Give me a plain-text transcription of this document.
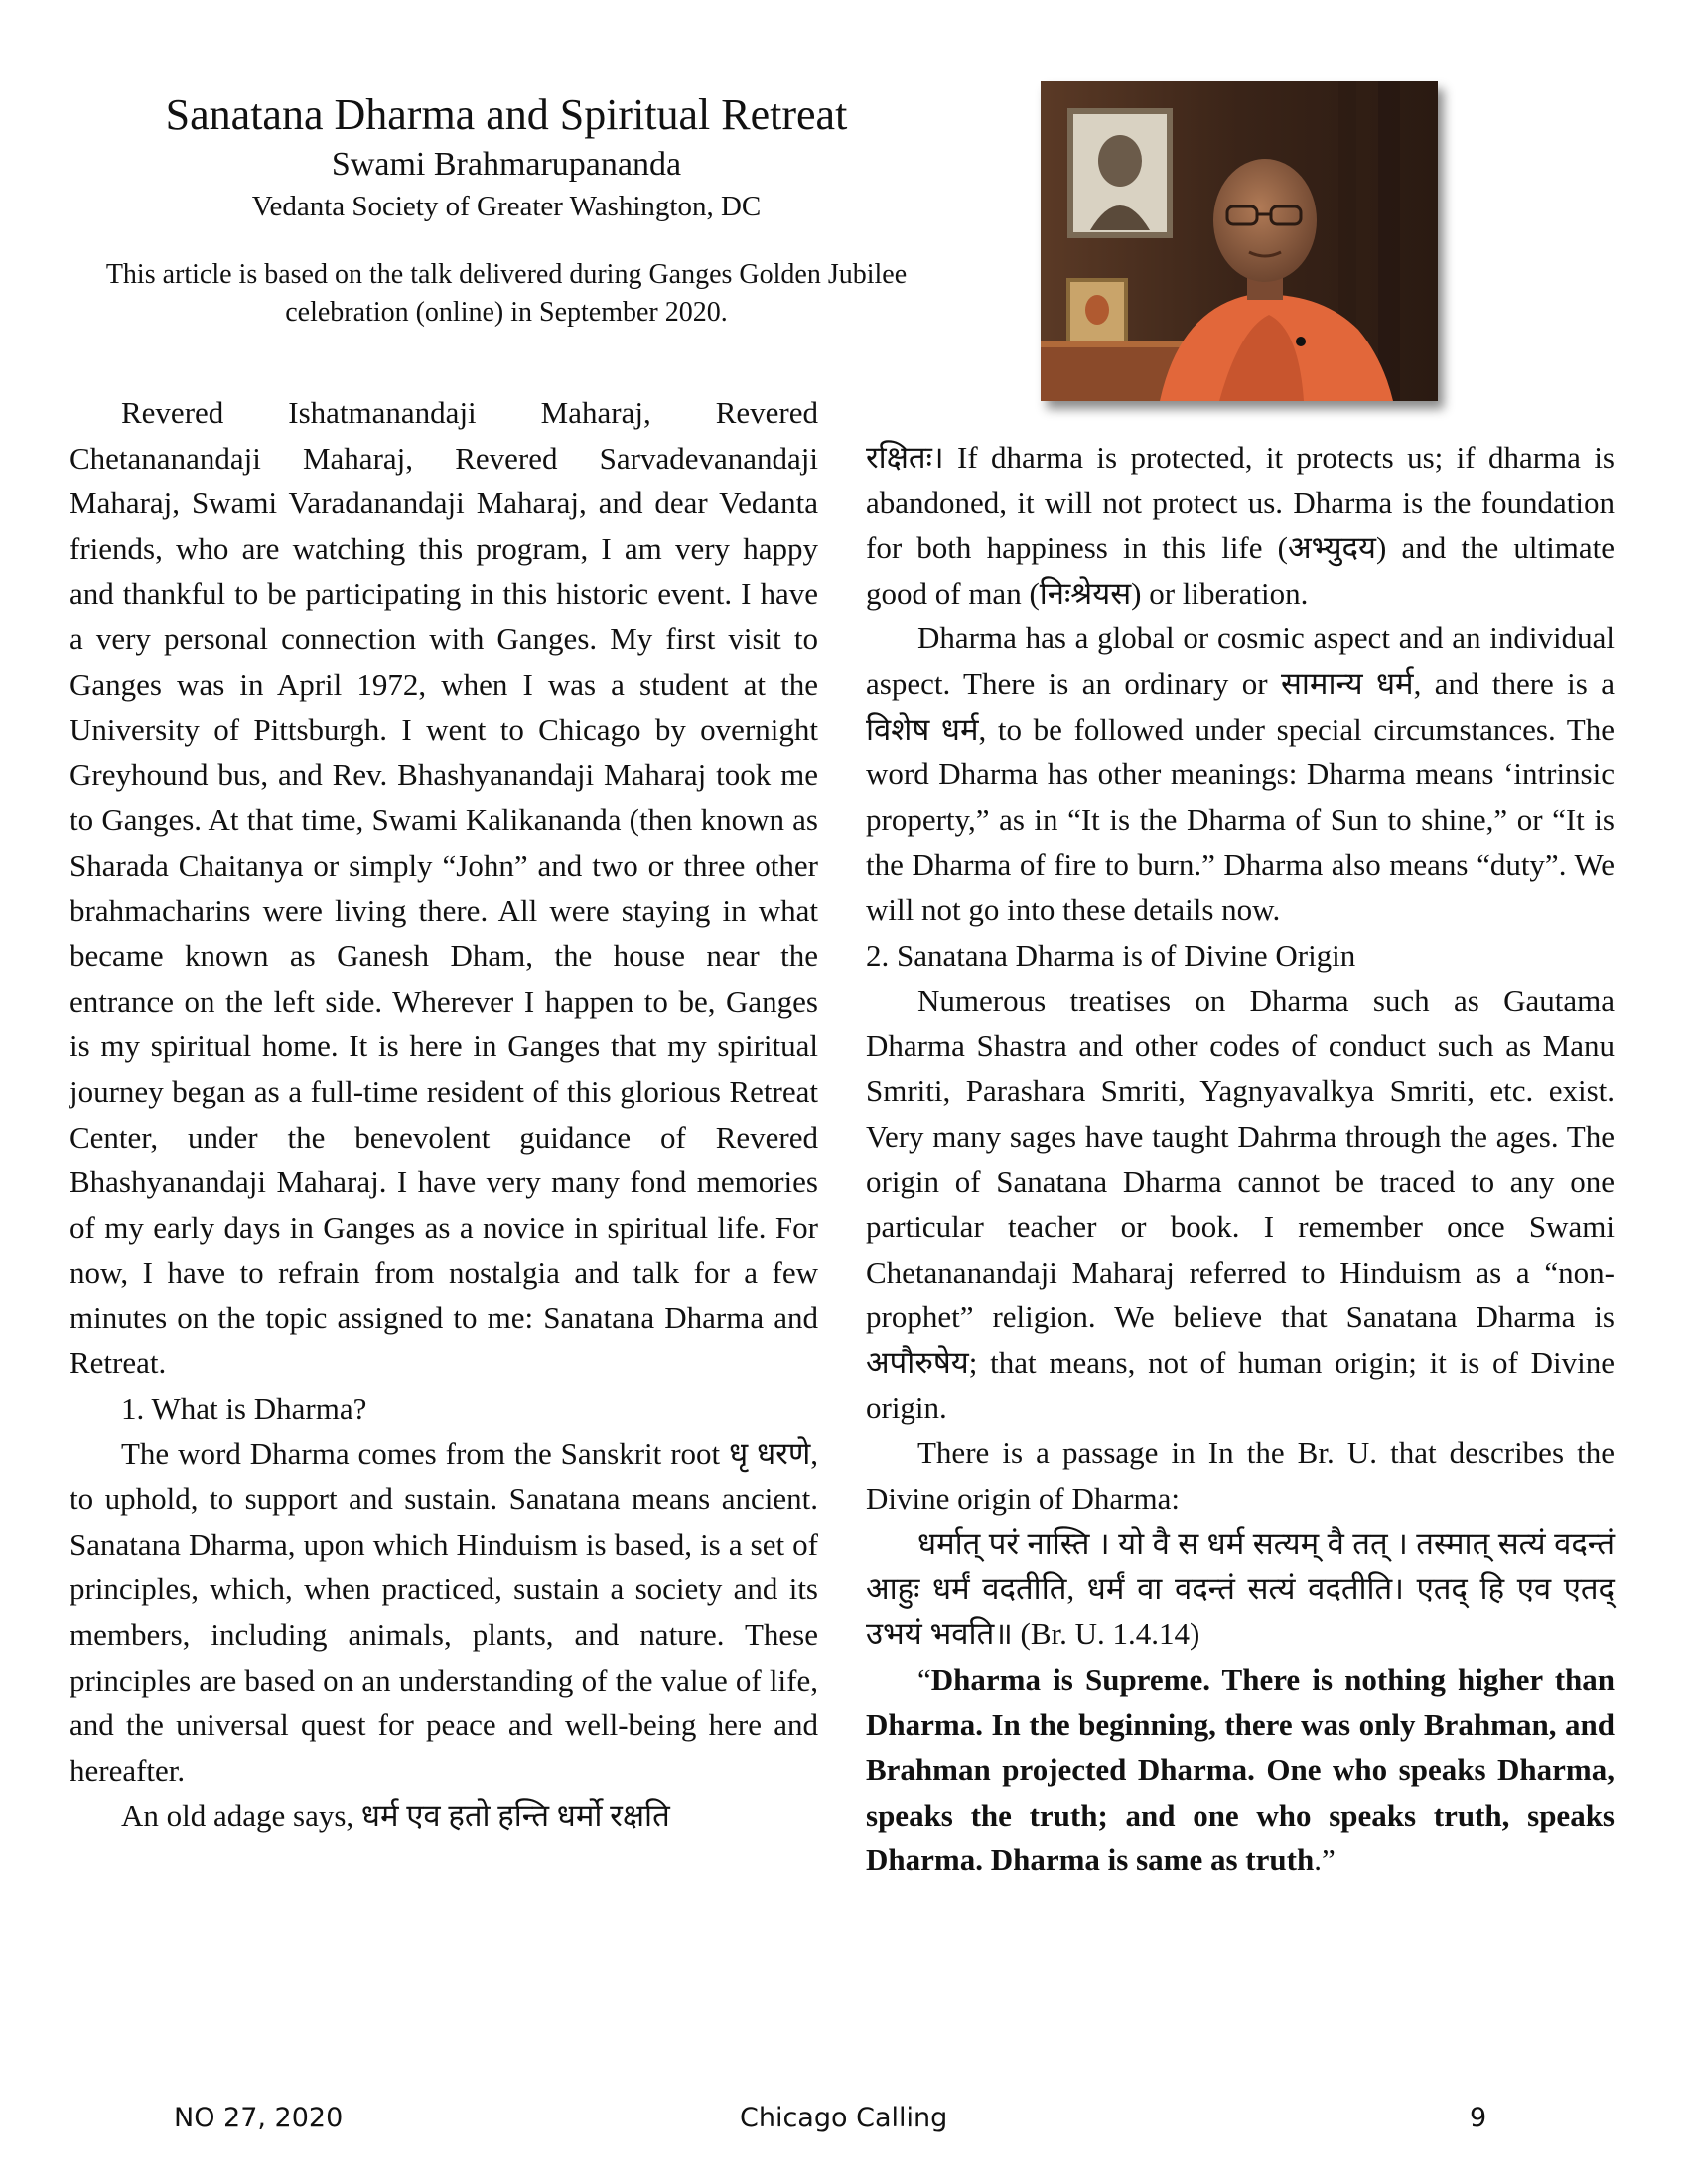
Sanatana Dharma and Spiritual Retreat
Swami Brahmarupananda
Vedanta Society of Greater Washington, DC
This article is based on the talk delivered during Ganges Golden Jubilee celebration (online) in September 2020.

Revered Ishatmanandaji Maharaj, Revered Chetananandaji Maharaj, Revered Sarvadevanandaji Maharaj, Swami Varadanandaji Maharaj, and dear Vedanta friends, who are watching this program, I am very happy and thankful to be participating in this historic event. I have a very personal connection with Ganges. My first visit to Ganges was in April 1972, when I was a student at the University of Pittsburgh. I went to Chicago by overnight Greyhound bus, and Rev. Bhashyanandaji Maharaj took me to Ganges. At that time, Swami Kalikananda (then known as Sharada Chaitanya or simply “John” and two or three other brahmacharins were living there. All were staying in what became known as Ganesh Dham, the house near the entrance on the left side. Wherever I happen to be, Ganges is my spiritual home. It is here in Ganges that my spiritual journey began as a full-time resident of this glorious Retreat Center, under the benevolent guidance of Revered Bhashyanandaji Maharaj. I have very many fond memories of my early days in Ganges as a novice in spiritual life. For now, I have to refrain from nostalgia and talk for a few minutes on the topic assigned to me: Sanatana Dharma and Retreat.

1. What is Dharma?

The word Dharma comes from the Sanskrit root धृ धरणे, to uphold, to support and sustain. Sanatana means ancient. Sanatana Dharma, upon which Hinduism is based, is a set of principles, which, when practiced, sustain a society and its members, including animals, plants, and nature. These principles are based on an understanding of the value of life, and the universal quest for peace and well-being here and hereafter.

An old adage says, धर्म एव हतो हन्ति धर्मो रक्षति

रक्षितः। If dharma is protected, it protects us; if dharma is abandoned, it will not protect us. Dharma is the foundation for both happiness in this life (अभ्युदय) and the ultimate good of man (निःश्रेयस) or liberation.

Dharma has a global or cosmic aspect and an individual aspect. There is an ordinary or सामान्य धर्म, and there is a विशेष धर्म, to be followed under special circumstances. The word Dharma has other meanings: Dharma means ‘intrinsic property,” as in “It is the Dharma of Sun to shine,” or “It is the Dharma of fire to burn.” Dharma also means “duty”. We will not go into these details now.

2. Sanatana Dharma is of Divine Origin

Numerous treatises on Dharma such as Gautama Dharma Shastra and other codes of conduct such as Manu Smriti, Parashara Smriti, Yagnyavalkya Smriti, etc. exist. Very many sages have taught Dahrma through the ages. The origin of Sanatana Dharma cannot be traced to any one particular teacher or book. I remember once Swami Chetananandaji Maharaj referred to Hinduism as a “non-prophet” religion. We believe that Sanatana Dharma is अपौरुषेय; that means, not of human origin; it is of Divine origin.

There is a passage in In the Br. U. that describes the Divine origin of Dharma:

धर्मात् परं नास्ति । यो वै स धर्म सत्यम् वै तत् । तस्मात् सत्यं वदन्तं आहुः धर्मं वदतीति, धर्मं वा वदन्तं सत्यं वदतीति। एतद् हि एव एतद् उभयं भवति॥ (Br. U. 1.4.14)

“Dharma is Supreme. There is nothing higher than Dharma. In the beginning, there was only Brahman, and Brahman projected Dharma. One who speaks Dharma, speaks the truth; and one who speaks truth, speaks Dharma. Dharma is same as truth.”

NO 27, 2020	Chicago Calling	9
